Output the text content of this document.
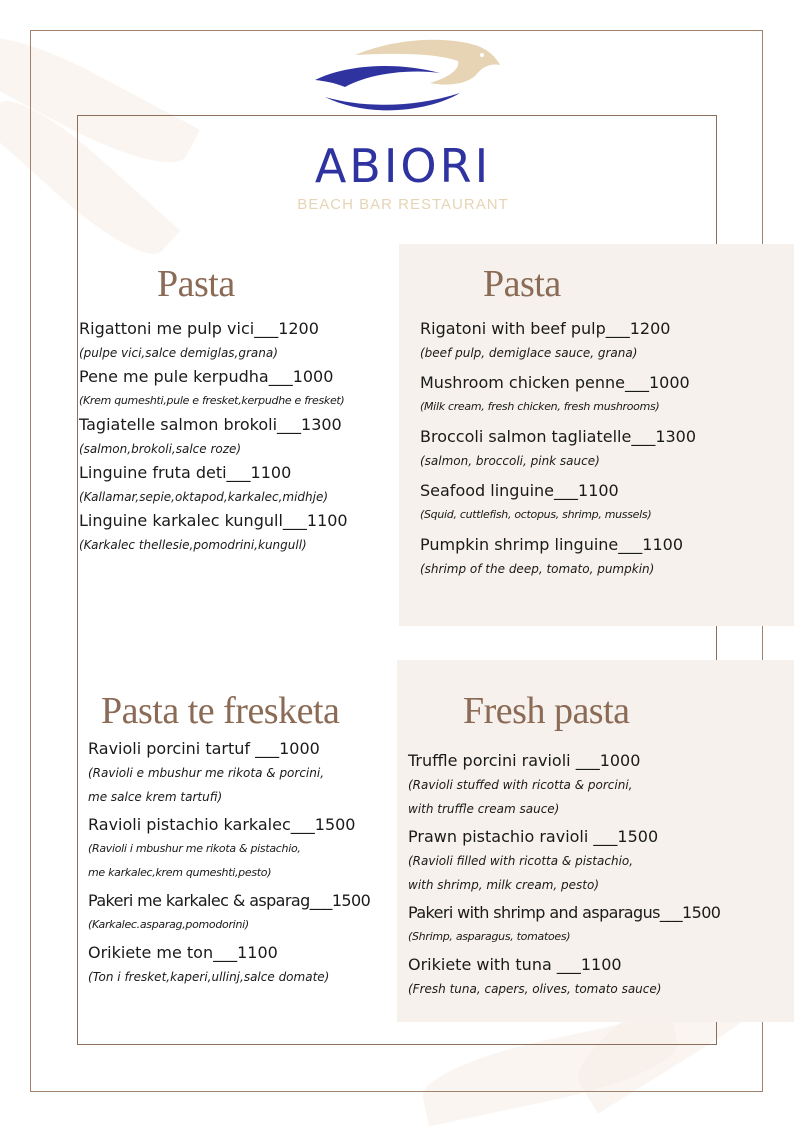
ABIORI
BEACH BAR RESTAURANT
Pasta
Rigattoni me pulp vici___1200
(pulpe vici,salce demiglas,grana)
Pene me pule kerpudha___1000
(Krem qumeshti,pule e fresket,kerpudhe e fresket)
Tagiatelle salmon brokoli___1300
(salmon,brokoli,salce roze)
Linguine fruta deti___1100
(Kallamar,sepie,oktapod,karkalec,midhje)
Linguine karkalec kungull___1100
(Karkalec thellesie,pomodrini,kungull)
Pasta
Rigatoni with beef pulp___1200
(beef pulp, demiglace sauce, grana)
Mushroom chicken penne___1000
(Milk cream, fresh chicken, fresh mushrooms)
Broccoli salmon tagliatelle___1300
(salmon, broccoli, pink sauce)
Seafood linguine___1100
(Squid, cuttlefish, octopus, shrimp, mussels)
Pumpkin shrimp linguine___1100
(shrimp of the deep, tomato, pumpkin)
Pasta te fresketa
Ravioli porcini tartuf ___1000
(Ravioli e mbushur me rikota & porcini,
me salce krem tartufi)
Ravioli pistachio karkalec___1500
(Ravioli i mbushur me rikota & pistachio,
me karkalec,krem qumeshti,pesto)
Pakeri me karkalec & asparag___1500
(Karkalec.asparag,pomodorini)
Orikiete me ton___1100
(Ton i fresket,kaperi,ullinj,salce domate)
Fresh pasta
Truffle porcini ravioli ___1000
(Ravioli stuffed with ricotta & porcini,
with truffle cream sauce)
Prawn pistachio ravioli ___1500
(Ravioli filled with ricotta & pistachio,
with shrimp, milk cream, pesto)
Pakeri with shrimp and asparagus___1500
(Shrimp, asparagus, tomatoes)
Orikiete with tuna ___1100
(Fresh tuna, capers, olives, tomato sauce)
